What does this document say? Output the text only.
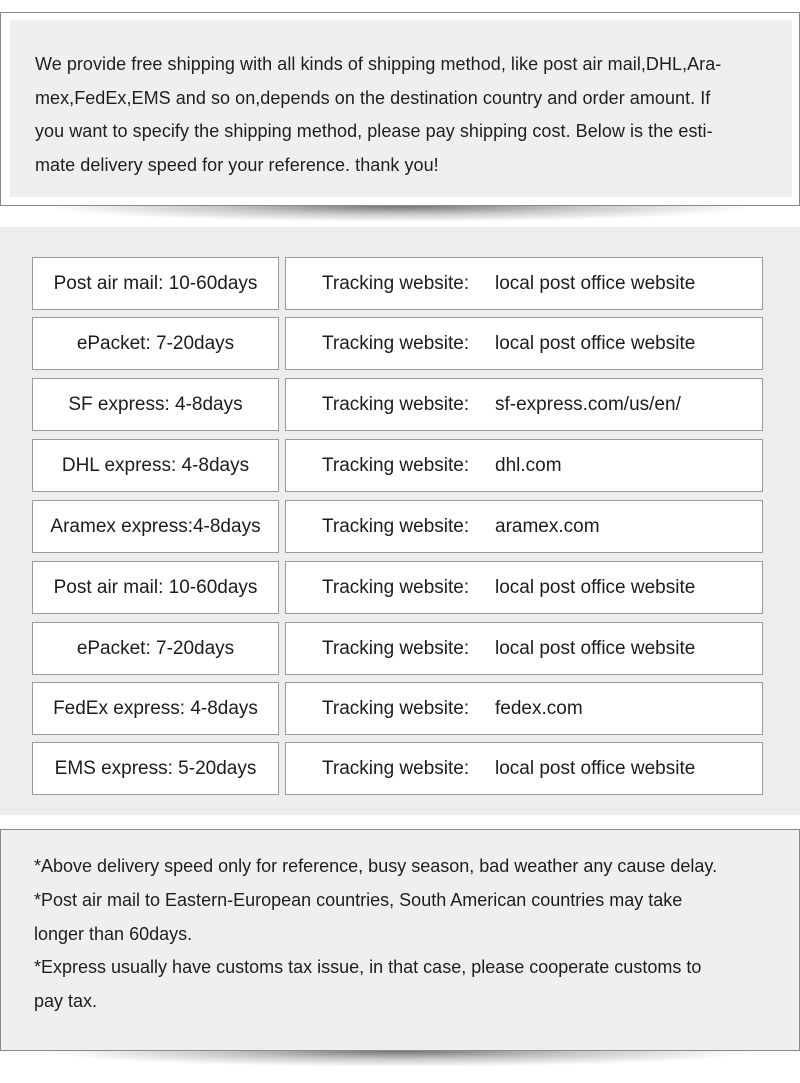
We provide free shipping with all kinds of shipping method, like post air mail,DHL,Ara-
mex,FedEx,EMS and so on,depends on the destination country and order amount. If
you want to specify the shipping method, please pay shipping cost. Below is the esti-
mate delivery speed for your reference. thank you!

Post air mail: 10-60days	Tracking website:	local post office website
ePacket: 7-20days	Tracking website:	local post office website
SF express: 4-8days	Tracking website:	sf-express.com/us/en/
DHL express: 4-8days	Tracking website:	dhl.com
Aramex express:4-8days	Tracking website:	aramex.com
Post air mail: 10-60days	Tracking website:	local post office website
ePacket: 7-20days	Tracking website:	local post office website
FedEx express: 4-8days	Tracking website:	fedex.com
EMS express: 5-20days	Tracking website:	local post office website

*Above delivery speed only for reference, busy season, bad weather any cause delay.

*Post air mail to Eastern-European countries, South American countries may take

longer than 60days.

*Express usually have customs tax issue, in that case, please cooperate customs to

pay tax.
